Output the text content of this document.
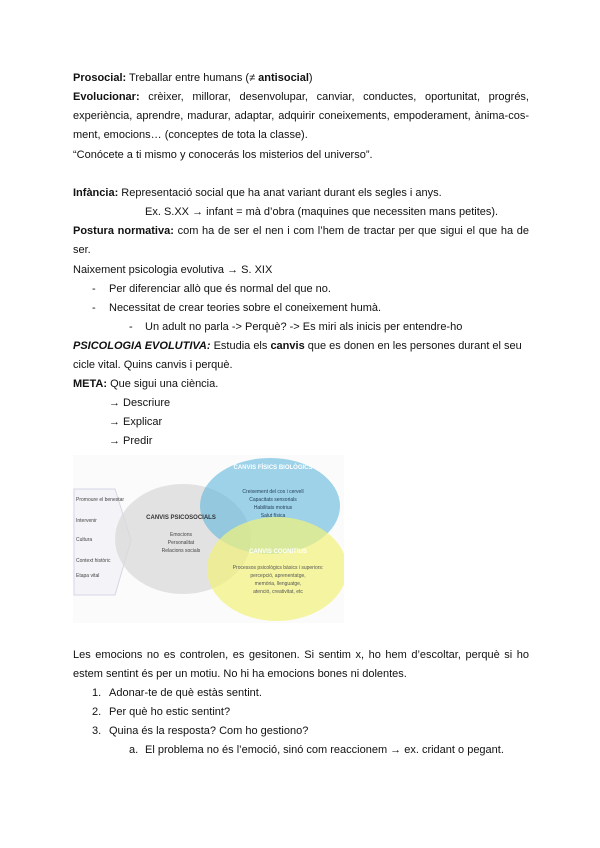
Prosocial: Treballar entre humans (≠ antisocial)

Evolucionar: crèixer, millorar, desenvolupar, canviar, conductes, oportunitat, progrés, experiència, aprendre, madurar, adaptar, adquirir coneixements, empoderament, ànima-cos-ment, emocions… (conceptes de tota la classe).

“Conócete a ti mismo y conocerás los misterios del universo”.

Infància: Representació social que ha anat variant durant els segles i anys.

Ex. S.XX → infant = mà d’obra (maquines que necessiten mans petites).

Postura normativa: com ha de ser el nen i com l’hem de tractar per que sigui el que ha de ser.

Naixement psicologia evolutiva → S. XIX

- Per diferenciar allò que és normal del que no.

- Necessitat de crear teories sobre el coneixement humà.

- Un adult no parla -> Perquè? -> Es miri als inicis per entendre-ho

PSICOLOGIA EVOLUTIVA: Estudia els canvis que es donen en les persones durant el seu cicle vital. Quins canvis i perquè.

META: Que sigui una ciència.

→ Descriure

→ Explicar

→ Predir

Promoure el benestar
Intervenir
Cultura
Context històric
Etapa vital
CANVIS PSICOSOCIALS
Emocions
Personalitat
Relacions socials
CANVIS FÍSICS BIOLÒGICS
Creixement del cos i cervell
Capacitats sensorials
Habilitats motrius
Salut física
CANVIS COGNITIUS
Processos psicològics bàsics i superiors:
percepció, aprenentatge,
memòria, llenguatge,
atenció, creativitat, etc

Les emocions no es controlen, es gesitonen. Si sentim x, ho hem d’escoltar, perquè si ho estem sentint és per un motiu. No hi ha emocions bones ni dolentes.

1. Adonar-te de què estàs sentint.

2. Per què ho estic sentint?

3. Quina és la resposta? Com ho gestiono?

a. El problema no és l’emoció, sinó com reaccionem → ex. cridant o pegant.
